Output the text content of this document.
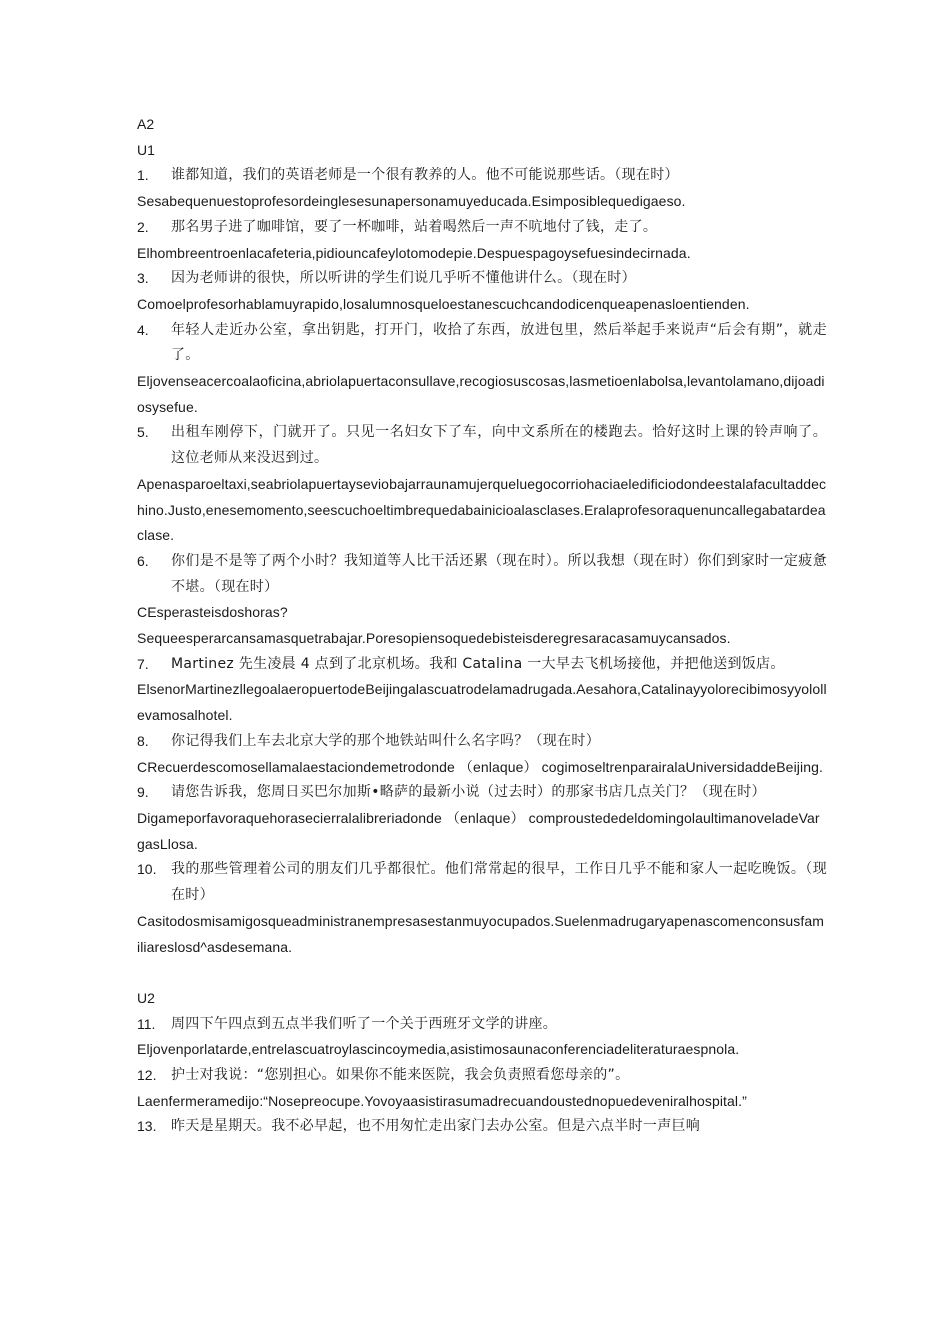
A2
U1
1.	谁都知道，我们的英语老师是一个很有教养的人。他不可能说那些话。（现在时）
Sesabequenuestoprofesordeinglesesunapersonamuyeducada.Esimposiblequedigaeso.
2.	那名男子进了咖啡馆，要了一杯咖啡，站着喝然后一声不吭地付了钱，走了。
Elhombreentroenlacafeteria,pidiouncafeylotomodepie.Despuespagoysefuesindecirnada.
3.	因为老师讲的很快，所以听讲的学生们说几乎听不懂他讲什么。（现在时）
Comoelprofesorhablamuyrapido,losalumnosqueloestanescuchcandodicenqueapenasloentienden.
4.	年轻人走近办公室，拿出钥匙，打开门，收拾了东西，放进包里，然后举起手来说声“后会有期”，就走了。
Eljovenseacercoalaoficina,abriolapuertaconsullave,recogiosuscosas,lasmetioenlabolsa,levantolamano,dijoadiosysefue.
5.	出租车刚停下，门就开了。只见一名妇女下了车，向中文系所在的楼跑去。恰好这时上课的铃声响了。这位老师从来没迟到过。
Apenasparoeltaxi,seabriolapuertayseviobajarraunamujerqueluegocorriohaciaeledificiodondeestalafacultaddechino.Justo,enesemomento,seescuchoeltimbrequedabainicioalasclases.Eralaprofesoraquenuncallegabatardeaclase.
6.	你们是不是等了两个小时？我知道等人比干活还累（现在时）。所以我想（现在时）你们到家时一定疲惫不堪。（现在时）
CEsperasteisdoshoras?
Sequeesperarcansamasquetrabajar.Poresopiensoquedebisteisderegresaracasamuycansados.
7.	Martinez 先生凌晨 4 点到了北京机场。我和 Catalina 一大早去飞机场接他，并把他送到饭店。
ElsenorMartinezllegoalaeropuertodeBeijingalascuatrodelamadrugada.Aesahora,Catalinayyolorecibimosyyolollevamosalhotel.
8.	你记得我们上车去北京大学的那个地铁站叫什么名字吗？（现在时）
CRecuerdescomosellamalaestaciondemetrodonde （enlaque） cogimoseltrenparairalaUniversidaddeBeijing.
9.	请您告诉我，您周日买巴尔加斯•略萨的最新小说（过去时）的那家书店几点关门？（现在时）
Digameporfavoraquehorasecierralalibreriadonde （enlaque） comproustededeldomingolaultimanoveladeVargasLlosa.
10.	我的那些管理着公司的朋友们几乎都很忙。他们常常起的很早，工作日几乎不能和家人一起吃晚饭。（现在时）
Casitodosmisamigosqueadministranempresasestanmuyocupados.Suelenmadrugaryapenascomenconsusfamiliareslosd^asdesemana.
U2
11.	周四下午四点到五点半我们听了一个关于西班牙文学的讲座。
Eljovenporlatarde,entrelascuatroylascincoymedia,asistimosaunaconferenciadeliteraturaespnola.
12.	护士对我说：“您别担心。如果你不能来医院，我会负责照看您母亲的”。
Laenfermeramedijo:“Nosepreocupe.Yovoyaasistirasumadrecuandoustednopuedeveniralhospital.”
13.	昨天是星期天。我不必早起，也不用匆忙走出家门去办公室。但是六点半时一声巨响
